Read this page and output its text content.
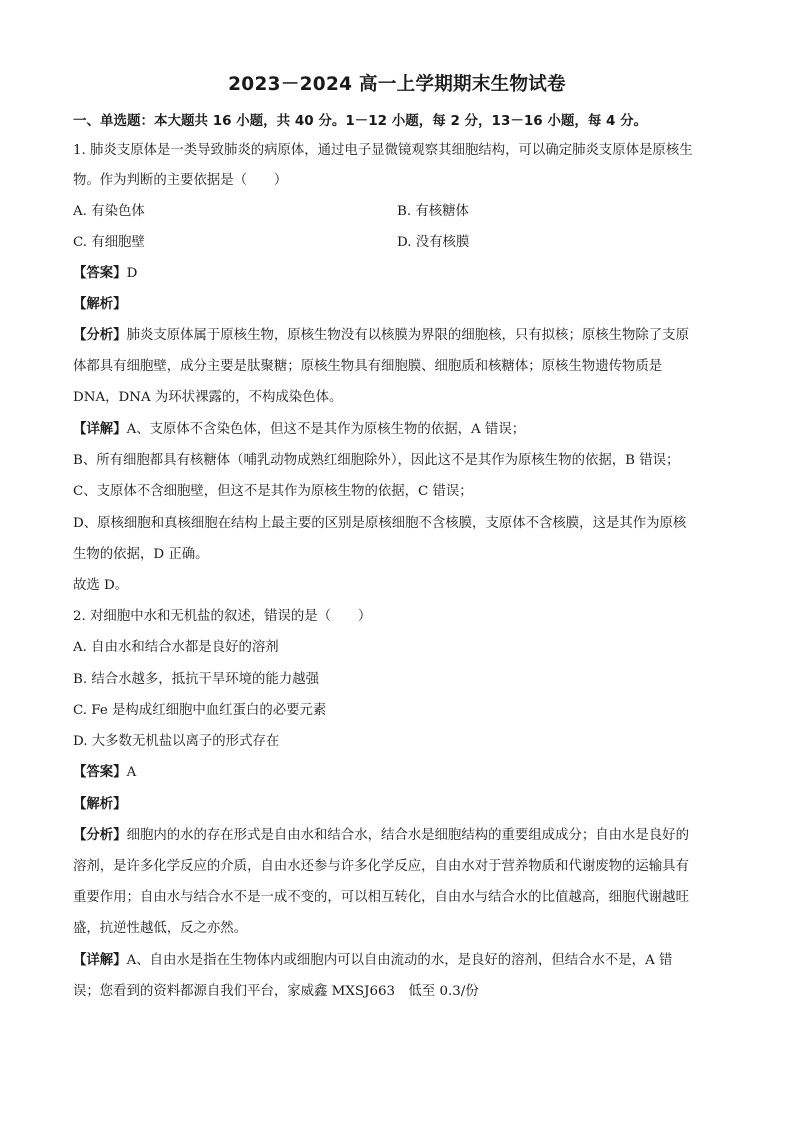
2023－2024 高一上学期期末生物试卷
一、单选题：本大题共 16 小题，共 40 分。1－12 小题，每 2 分，13－16 小题，每 4 分。
1. 肺炎支原体是一类导致肺炎的病原体，通过电子显微镜观察其细胞结构，可以确定肺炎支原体是原核生
物。作为判断的主要依据是（　　）
A. 有染色体	B. 有核糖体
C. 有细胞壁	D. 没有核膜
【答案】D
【解析】
【分析】肺炎支原体属于原核生物，原核生物没有以核膜为界限的细胞核，只有拟核；原核生物除了支原
体都具有细胞壁，成分主要是肽聚糖；原核生物具有细胞膜、细胞质和核糖体；原核生物遗传物质是
DNA，DNA 为环状裸露的，不构成染色体。
【详解】A、支原体不含染色体，但这不是其作为原核生物的依据，A 错误；
B、所有细胞都具有核糖体（哺乳动物成熟红细胞除外），因此这不是其作为原核生物的依据，B 错误；
C、支原体不含细胞壁，但这不是其作为原核生物的依据，C 错误；
D、原核细胞和真核细胞在结构上最主要的区别是原核细胞不含核膜，支原体不含核膜，这是其作为原核
生物的依据，D 正确。
故选 D。
2. 对细胞中水和无机盐的叙述，错误的是（　　）
A. 自由水和结合水都是良好的溶剂
B. 结合水越多，抵抗干旱环境的能力越强
C. Fe 是构成红细胞中血红蛋白的必要元素
D. 大多数无机盐以离子的形式存在
【答案】A
【解析】
【分析】细胞内的水的存在形式是自由水和结合水，结合水是细胞结构的重要组成成分；自由水是良好的
溶剂，是许多化学反应的介质，自由水还参与许多化学反应，自由水对于营养物质和代谢废物的运输具有
重要作用；自由水与结合水不是一成不变的，可以相互转化，自由水与结合水的比值越高，细胞代谢越旺
盛，抗逆性越低，反之亦然。
【详解】A、自由水是指在生物体内或细胞内可以自由流动的水，是良好的溶剂，但结合水不是，A 错
误；您看到的资料都源自我们平台，家威鑫 MXSJ663　低至 0.3/份
